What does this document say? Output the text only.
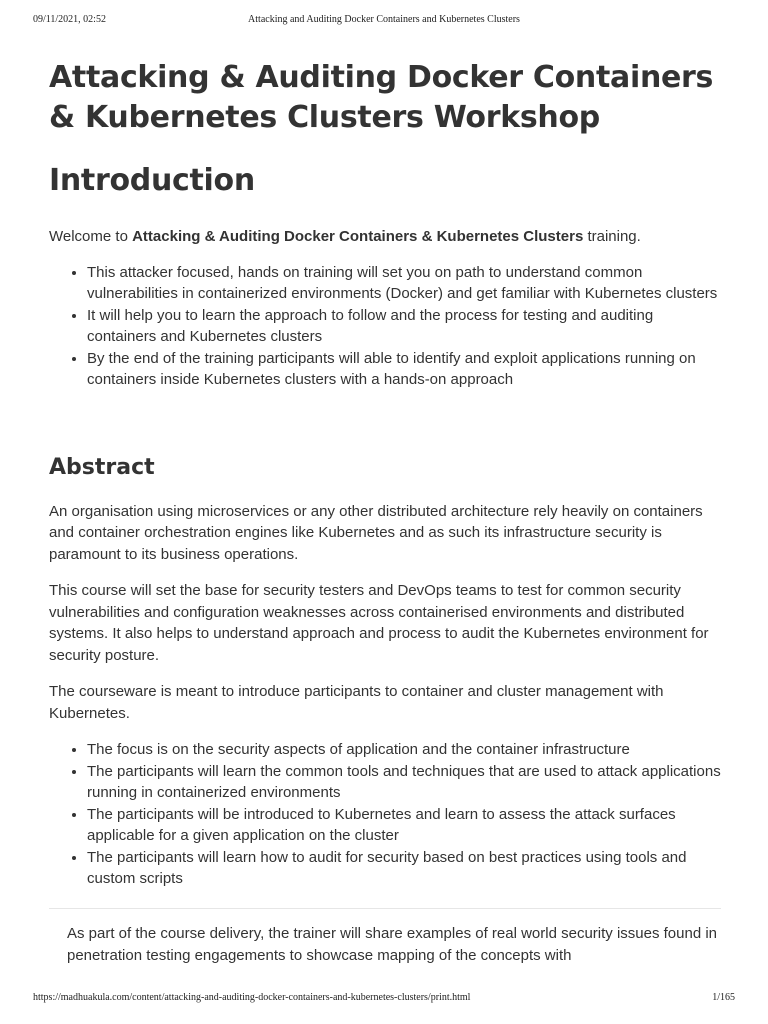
09/11/2021, 02:52	Attacking and Auditing Docker Containers and Kubernetes Clusters
Attacking & Auditing Docker Containers & Kubernetes Clusters Workshop
Introduction

Welcome to Attacking & Auditing Docker Containers & Kubernetes Clusters training.

• This attacker focused, hands on training will set you on path to understand common vulnerabilities in containerized environments (Docker) and get familiar with Kubernetes clusters
• It will help you to learn the approach to follow and the process for testing and auditing containers and Kubernetes clusters
• By the end of the training participants will able to identify and exploit applications running on containers inside Kubernetes clusters with a hands-on approach
Abstract

An organisation using microservices or any other distributed architecture rely heavily on containers and container orchestration engines like Kubernetes and as such its infrastructure security is paramount to its business operations.

This course will set the base for security testers and DevOps teams to test for common security vulnerabilities and configuration weaknesses across containerised environments and distributed systems. It also helps to understand approach and process to audit the Kubernetes environment for security posture.

The courseware is meant to introduce participants to container and cluster management with Kubernetes.

• The focus is on the security aspects of application and the container infrastructure
• The participants will learn the common tools and techniques that are used to attack applications running in containerized environments
• The participants will be introduced to Kubernetes and learn to assess the attack surfaces applicable for a given application on the cluster
• The participants will learn how to audit for security based on best practices using tools and custom scripts

As part of the course delivery, the trainer will share examples of real world security issues found in penetration testing engagements to showcase mapping of the concepts with

https://madhuakula.com/content/attacking-and-auditing-docker-containers-and-kubernetes-clusters/print.html	1/165
